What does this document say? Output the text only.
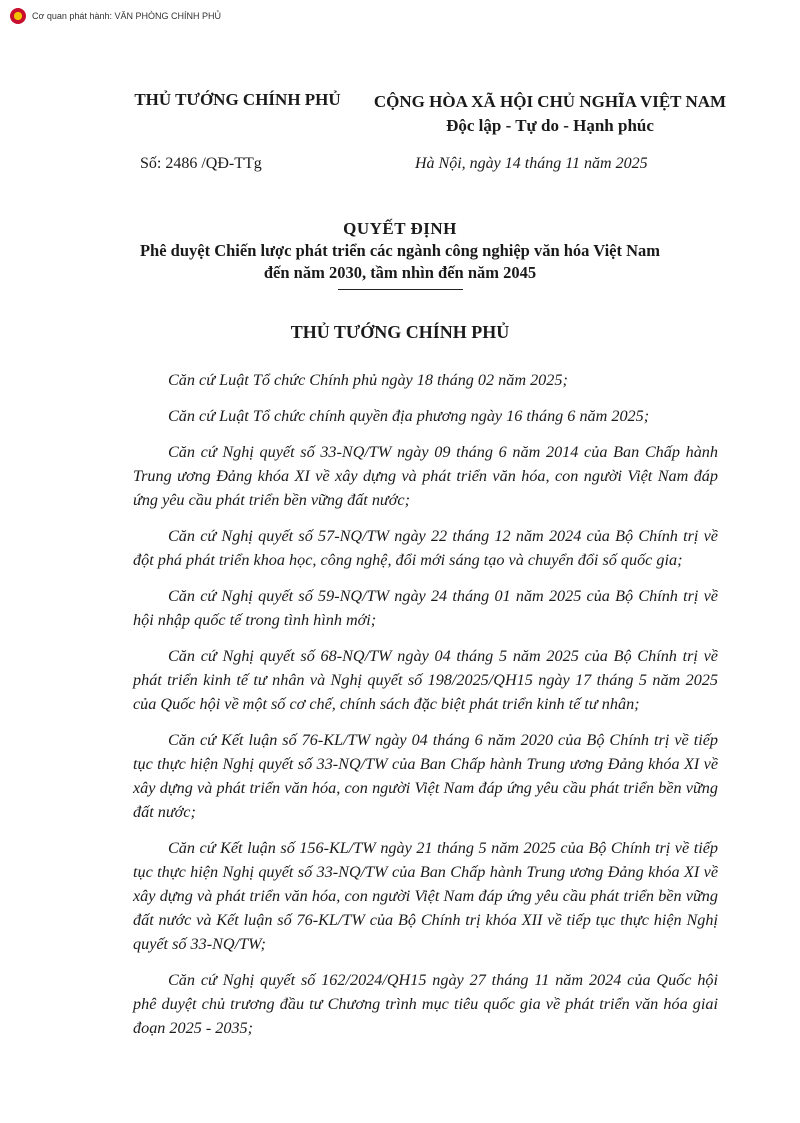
Cơ quan phát hành: VĂN PHÒNG CHÍNH PHỦ
THỦ TƯỚNG CHÍNH PHỦ	CỘNG HÒA XÃ HỘI CHỦ NGHĨA VIỆT NAM
Độc lập - Tự do - Hạnh phúc
Số: 2486 /QĐ-TTg	Hà Nội, ngày 14 tháng 11 năm 2025
QUYẾT ĐỊNH
Phê duyệt Chiến lược phát triển các ngành công nghiệp văn hóa Việt Nam
đến năm 2030, tầm nhìn đến năm 2045
THỦ TƯỚNG CHÍNH PHỦ

Căn cứ Luật Tổ chức Chính phủ ngày 18 tháng 02 năm 2025;

Căn cứ Luật Tổ chức chính quyền địa phương ngày 16 tháng 6 năm 2025;

Căn cứ Nghị quyết số 33-NQ/TW ngày 09 tháng 6 năm 2014 của Ban Chấp hành Trung ương Đảng khóa XI về xây dựng và phát triển văn hóa, con người Việt Nam đáp ứng yêu cầu phát triển bền vững đất nước;

Căn cứ Nghị quyết số 57-NQ/TW ngày 22 tháng 12 năm 2024 của Bộ Chính trị về đột phá phát triển khoa học, công nghệ, đổi mới sáng tạo và chuyển đổi số quốc gia;

Căn cứ Nghị quyết số 59-NQ/TW ngày 24 tháng 01 năm 2025 của Bộ Chính trị về hội nhập quốc tế trong tình hình mới;

Căn cứ Nghị quyết số 68-NQ/TW ngày 04 tháng 5 năm 2025 của Bộ Chính trị về phát triển kinh tế tư nhân và Nghị quyết số 198/2025/QH15 ngày 17 tháng 5 năm 2025 của Quốc hội về một số cơ chế, chính sách đặc biệt phát triển kinh tế tư nhân;

Căn cứ Kết luận số 76-KL/TW ngày 04 tháng 6 năm 2020 của Bộ Chính trị về tiếp tục thực hiện Nghị quyết số 33-NQ/TW của Ban Chấp hành Trung ương Đảng khóa XI về xây dựng và phát triển văn hóa, con người Việt Nam đáp ứng yêu cầu phát triển bền vững đất nước;

Căn cứ Kết luận số 156-KL/TW ngày 21 tháng 5 năm 2025 của Bộ Chính trị về tiếp tục thực hiện Nghị quyết số 33-NQ/TW của Ban Chấp hành Trung ương Đảng khóa XI về xây dựng và phát triển văn hóa, con người Việt Nam đáp ứng yêu cầu phát triển bền vững đất nước và Kết luận số 76-KL/TW của Bộ Chính trị khóa XII về tiếp tục thực hiện Nghị quyết số 33-NQ/TW;

Căn cứ Nghị quyết số 162/2024/QH15 ngày 27 tháng 11 năm 2024 của Quốc hội phê duyệt chủ trương đầu tư Chương trình mục tiêu quốc gia về phát triển văn hóa giai đoạn 2025 - 2035;
